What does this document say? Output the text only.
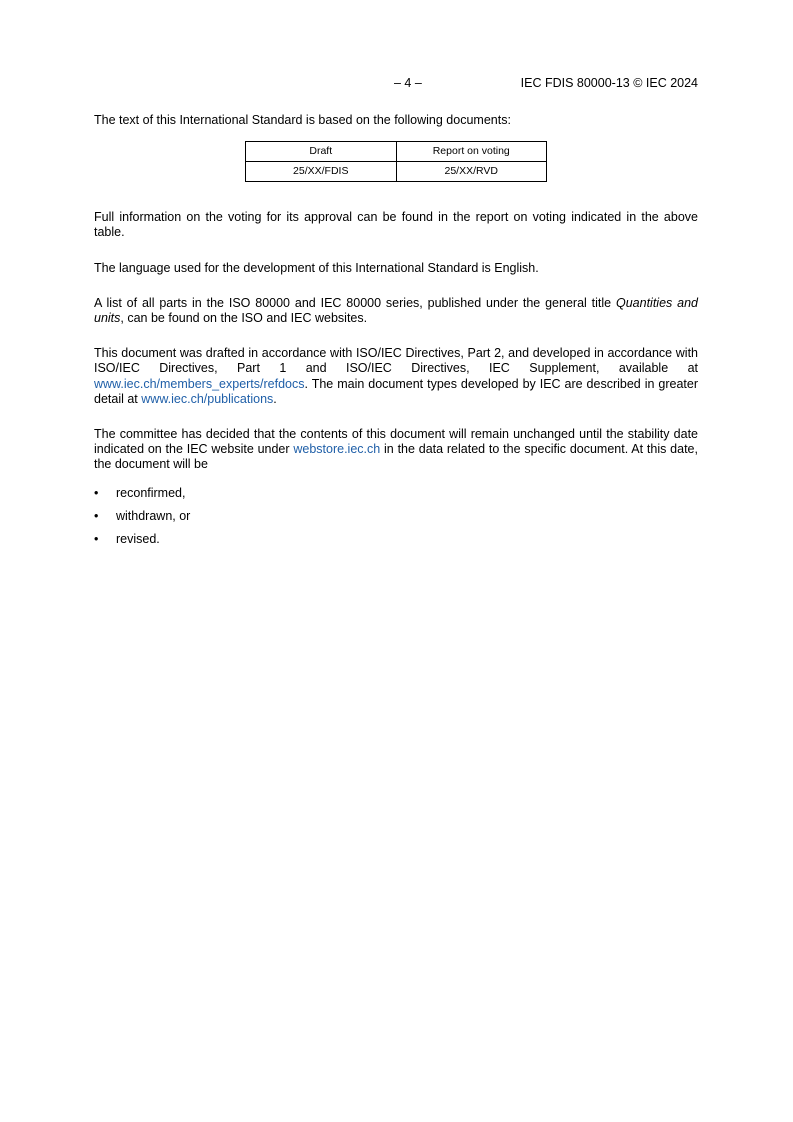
– 4 –	IEC FDIS 80000-13 © IEC 2024

The text of this International Standard is based on the following documents:

Draft	Report on voting
25/XX/FDIS	25/XX/RVD

Full information on the voting for its approval can be found in the report on voting indicated in the above table.

The language used for the development of this International Standard is English.

A list of all parts in the ISO 80000 and IEC 80000 series, published under the general title Quantities and units, can be found on the ISO and IEC websites.

This document was drafted in accordance with ISO/IEC Directives, Part 2, and developed in accordance with ISO/IEC Directives, Part 1 and ISO/IEC Directives, IEC Supplement, available at www.iec.ch/members_experts/refdocs. The main document types developed by IEC are described in greater detail at www.iec.ch/publications.

The committee has decided that the contents of this document will remain unchanged until the stability date indicated on the IEC website under webstore.iec.ch in the data related to the specific document. At this date, the document will be

• reconfirmed,
• withdrawn, or
• revised.
